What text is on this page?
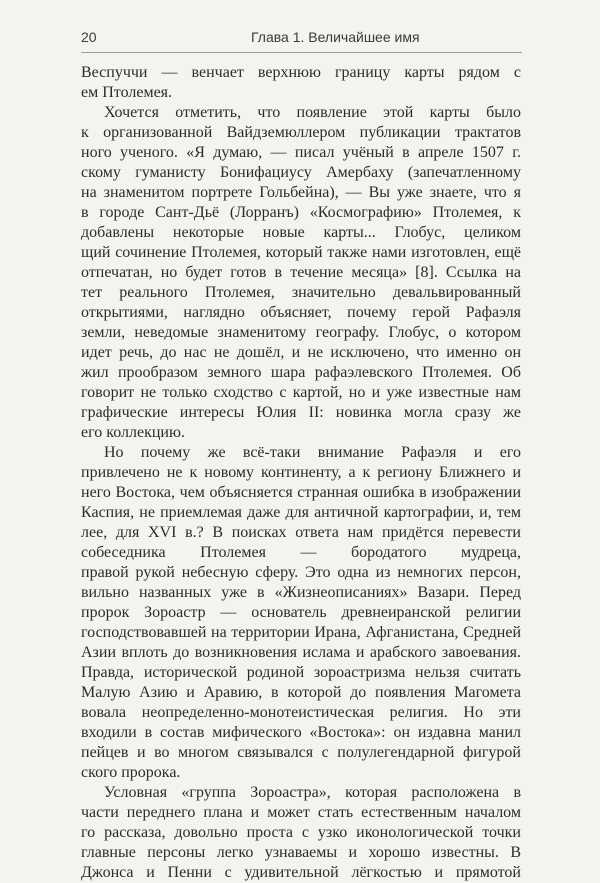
20	Глава 1. Величайшее имя
Веспуччи — венчает верхнюю границу карты рядом с
ем Птолемея.
Хочется отметить, что появление этой карты было
к организованной Вайдземюллером публикации трактатов
ного ученого. «Я думаю, — писал учёный в апреле 1507 г.
скому гуманисту Бонифациусу Амербаху (запечатленному
на знаменитом портрете Гольбейна), — Вы уже знаете, что я
в городе Сант-Дьё (Лорранъ) «Космографию» Птолемея, к
добавлены некоторые новые карты... Глобус, целиком
щий сочинение Птолемея, который также нами изготовлен, ещё
отпечатан, но будет готов в течение месяца» [8]. Ссылка на
тет реального Птолемея, значительно девальвированный
открытиями, наглядно объясняет, почему герой Рафаэля
земли, неведомые знаменитому географу. Глобус, о котором
идет речь, до нас не дошёл, и не исключено, что именно он
жил прообразом земного шара рафаэлевского Птолемея. Об
говорит не только сходство с картой, но и уже известные нам
графические интересы Юлия II: новинка могла сразу же
его коллекцию.
Но почему же всё-таки внимание Рафаэля и его
привлечено не к новому континенту, а к региону Ближнего и
него Востока, чем объясняется странная ошибка в изображении
Каспия, не приемлемая даже для античной картографии, и, тем
лее, для XVI в.? В поисках ответа нам придётся перевести
собеседника Птолемея — бородатого мудреца,
правой рукой небесную сферу. Это одна из немногих персон,
вильно названных уже в «Жизнеописаниях» Вазари. Перед
пророк Зороастр — основатель древнеиранской религии
господствовавшей на территории Ирана, Афганистана, Средней
Азии вплоть до возникновения ислама и арабского завоевания.
Правда, исторической родиной зороастризма нельзя считать
Малую Азию и Аравию, в которой до появления Магомета
вовала неопределенно-монотеистическая религия. Но эти
входили в состав мифического «Востока»: он издавна манил
пейцев и во многом связывался с полулегендарной фигурой
ского пророка.
Условная «группа Зороастра», которая расположена в
части переднего плана и может стать естественным началом
го рассказа, довольно проста с узко иконологической точки
главные персоны легко узнаваемы и хорошо известны. В
Джонса и Пенни с удивительной лёгкостью и прямотой
